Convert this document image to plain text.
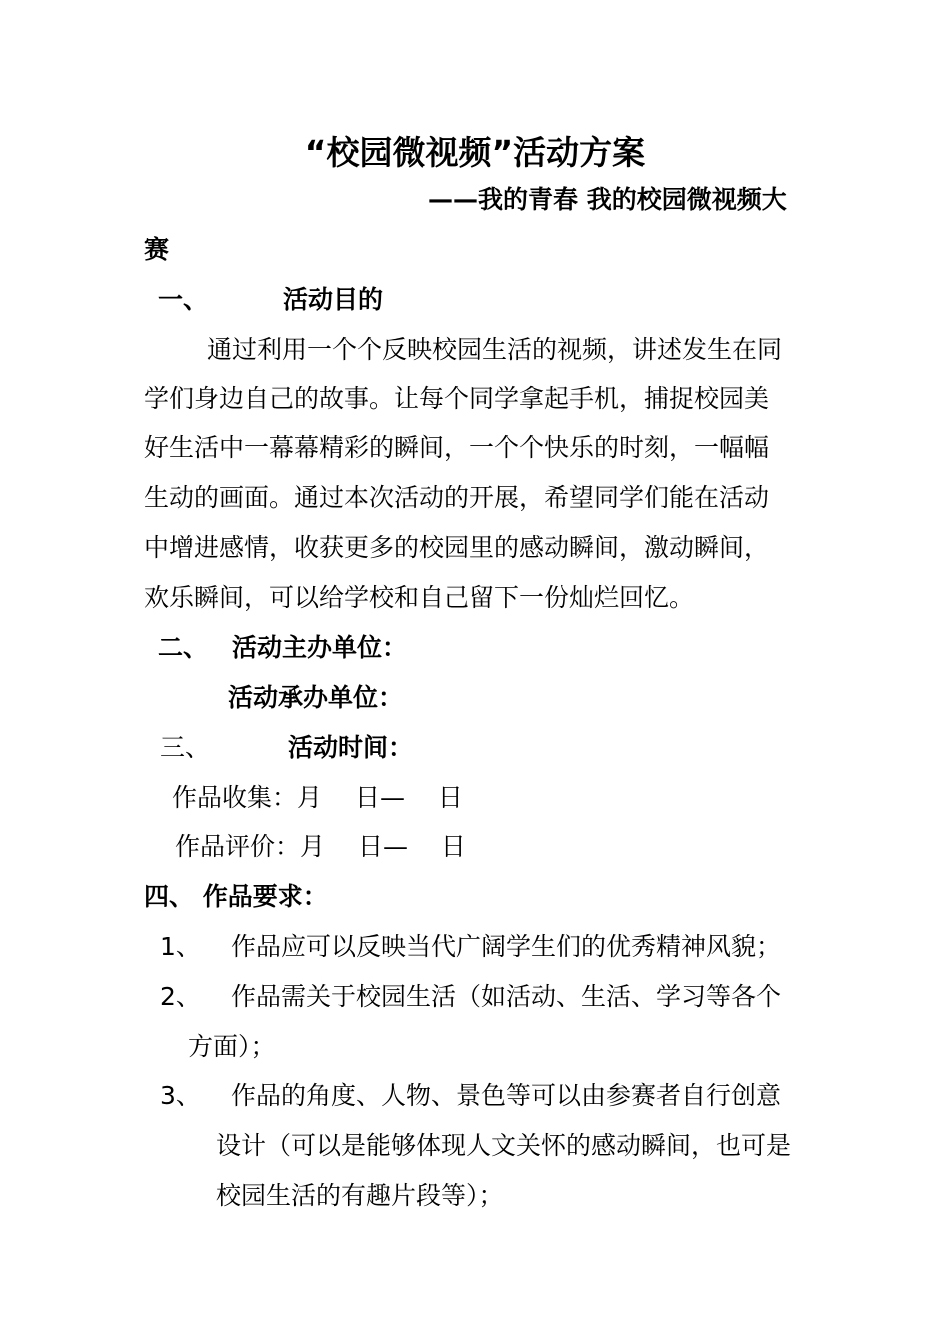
“校园微视频”活动方案
——我的青春 我的校园微视频大
赛
一、	活动目的
通过利用一个个反映校园生活的视频，讲述发生在同
学们身边自己的故事。让每个同学拿起手机，捕捉校园美
好生活中一幕幕精彩的瞬间，一个个快乐的时刻，一幅幅
生动的画面。通过本次活动的开展，希望同学们能在活动
中增进感情，收获更多的校园里的感动瞬间，激动瞬间，
欢乐瞬间，可以给学校和自己留下一份灿烂回忆。
二、 活动主办单位：
活动承办单位：
三、	活动时间：
作品收集：月　 日—　 日
作品评价：月　 日—　 日
四、 作品要求：
1、 作品应可以反映当代广阔学生们的优秀精神风貌；
2、 作品需关于校园生活（如活动、生活、学习等各个
方面）；
3、 作品的角度、人物、景色等可以由参赛者自行创意
设计（可以是能够体现人文关怀的感动瞬间，也可是
校园生活的有趣片段等）；
